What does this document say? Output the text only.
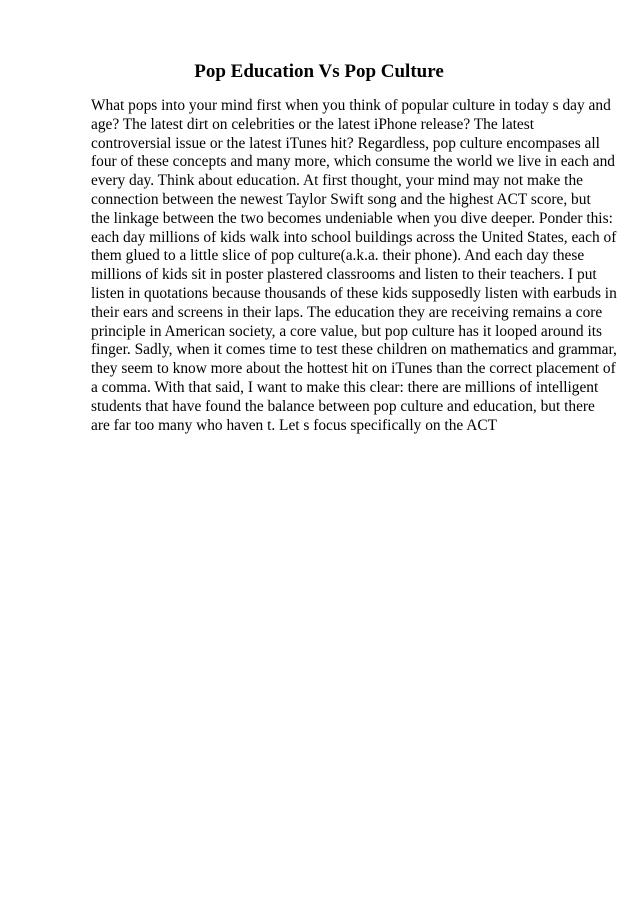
Pop Education Vs Pop Culture
What pops into your mind first when you think of popular culture in today s day and
age? The latest dirt on celebrities or the latest iPhone release? The latest
controversial issue or the latest iTunes hit? Regardless, pop culture encompases all
four of these concepts and many more, which consume the world we live in each and
every day. Think about education. At first thought, your mind may not make the
connection between the newest Taylor Swift song and the highest ACT score, but
the linkage between the two becomes undeniable when you dive deeper. Ponder this:
each day millions of kids walk into school buildings across the United States, each of
them glued to a little slice of pop culture(a.k.a. their phone). And each day these
millions of kids sit in poster plastered classrooms and listen to their teachers. I put
listen in quotations because thousands of these kids supposedly listen with earbuds in
their ears and screens in their laps. The education they are receiving remains a core
principle in American society, a core value, but pop culture has it looped around its
finger. Sadly, when it comes time to test these children on mathematics and grammar,
they seem to know more about the hottest hit on iTunes than the correct placement of
a comma. With that said, I want to make this clear: there are millions of intelligent
students that have found the balance between pop culture and education, but there
are far too many who haven t. Let s focus specifically on the ACT
